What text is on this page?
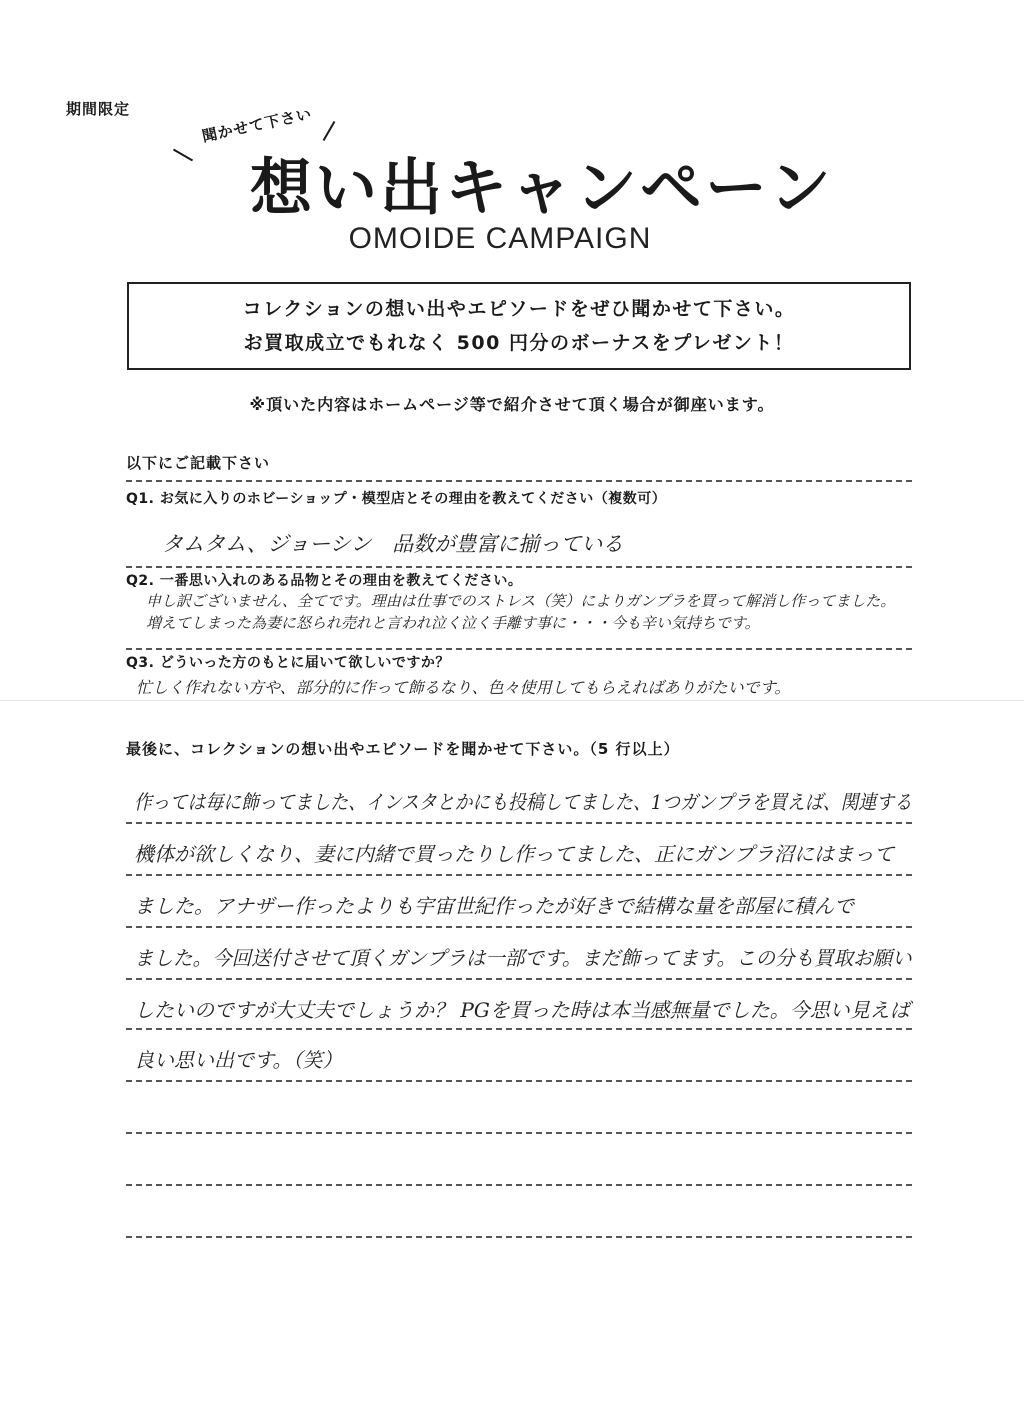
期間限定	聞かせて下さい
想い出キャンペーン
OMOIDE CAMPAIGN
コレクションの想い出やエピソードをぜひ聞かせて下さい。
お買取成立でもれなく 500 円分のボーナスをプレゼント！
※頂いた内容はホームページ等で紹介させて頂く場合が御座います。
以下にご記載下さい
Q1. お気に入りのホビーショップ・模型店とその理由を教えてください（複数可）
タムタム、ジョーシン　品数が豊富に揃っている
Q2. 一番思い入れのある品物とその理由を教えてください。
申し訳ございません、全てです。理由は仕事でのストレス（笑）によりガンプラを買って解消し作ってました。
増えてしまった為妻に怒られ売れと言われ泣く泣く手離す事に・・・今も辛い気持ちです。
Q3. どういった方のもとに届いて欲しいですか？
忙しく作れない方や、部分的に作って飾るなり、色々使用してもらえればありがたいです。
最後に、コレクションの想い出やエピソードを聞かせて下さい。（5 行以上）
作っては毎に飾ってました、インスタとかにも投稿してました、1つガンプラを買えば、関連する
機体が欲しくなり、妻に内緒で買ったりし作ってました、正にガンプラ沼にはまって
ました。アナザー作ったよりも宇宙世紀作ったが好きで結構な量を部屋に積んで
ました。今回送付させて頂くガンプラは一部です。まだ飾ってます。この分も買取お願い
したいのですが大丈夫でしょうか？ PGを買った時は本当感無量でした。今思い見えば
良い思い出です。（笑）
